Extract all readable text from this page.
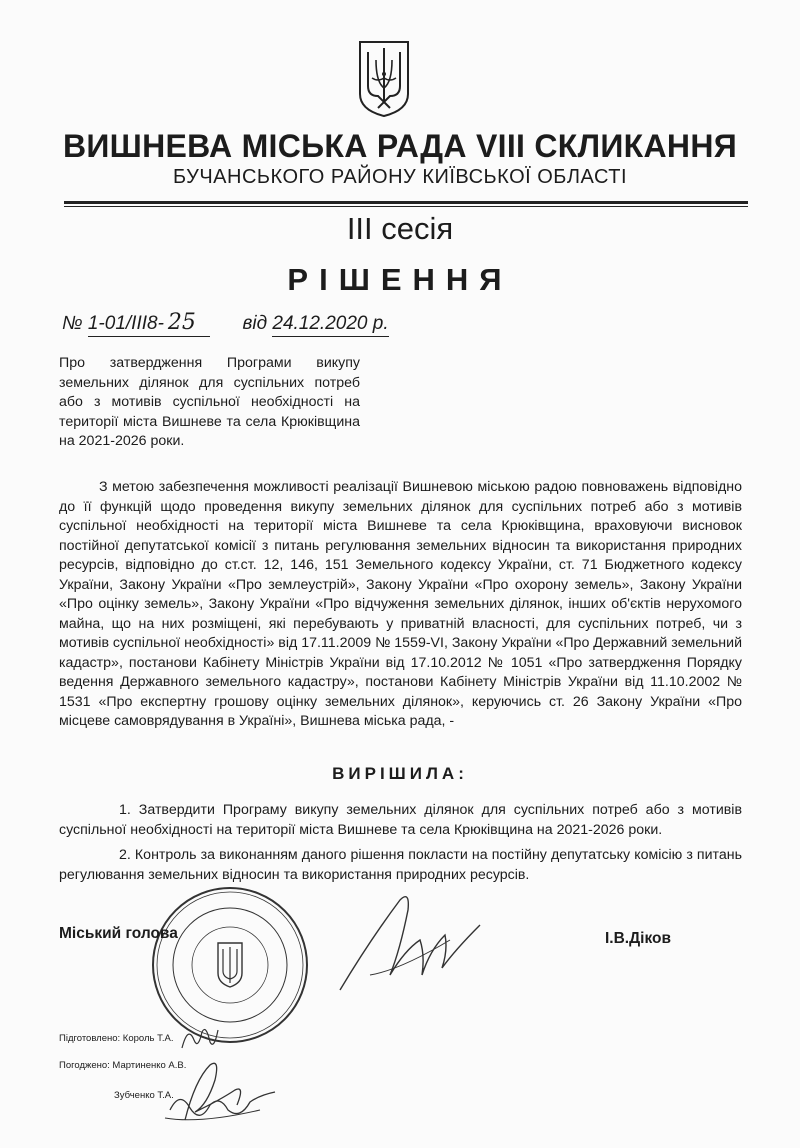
ВИШНЕВА МІСЬКА РАДА VIII СКЛИКАННЯ
БУЧАНСЬКОГО РАЙОНУ КИЇВСЬКОЇ ОБЛАСТІ
ІІІ сесія
РІШЕННЯ
№ 1-01/ІІІ8- 25 від 24.12.2020 р.
Про затвердження Програми викупу земельних ділянок для суспільних потреб або з мотивів суспільної необхідності на території міста Вишневе та села Крюківщина на 2021-2026 роки.
З метою забезпечення можливості реалізації Вишневою міською радою повноважень відповідно до її функцій щодо проведення викупу земельних ділянок для суспільних потреб або з мотивів суспільної необхідності на території міста Вишневе та села Крюківщина, враховуючи висновок постійної депутатської комісії з питань регулювання земельних відносин та використання природних ресурсів, відповідно до ст.ст. 12, 146, 151 Земельного кодексу України, ст. 71 Бюджетного кодексу України, Закону України «Про землеустрій», Закону України «Про охорону земель», Закону України «Про оцінку земель», Закону України «Про відчуження земельних ділянок, інших об'єктів нерухомого майна, що на них розміщені, які перебувають у приватній власності, для суспільних потреб, чи з мотивів суспільної необхідності» від 17.11.2009 № 1559-VI, Закону України «Про Державний земельний кадастр», постанови Кабінету Міністрів України від 17.10.2012 № 1051 «Про затвердження Порядку ведення Державного земельного кадастру», постанови Кабінету Міністрів України від 11.10.2002 № 1531 «Про експертну грошову оцінку земельних ділянок», керуючись ст. 26 Закону України «Про місцеве самоврядування в Україні», Вишнева міська рада, -
ВИРІШИЛА:
1. Затвердити Програму викупу земельних ділянок для суспільних потреб або з мотивів суспільної необхідності на території міста Вишневе та села Крюківщина на 2021-2026 роки.
2. Контроль за виконанням даного рішення покласти на постійну депутатську комісію з питань регулювання земельних відносин та використання природних ресурсів.
Міський голова	І.В.Діков
Підготовлено: Король Т.А.
Погоджено: Мартиненко А.В.
Зубченко Т.А.
